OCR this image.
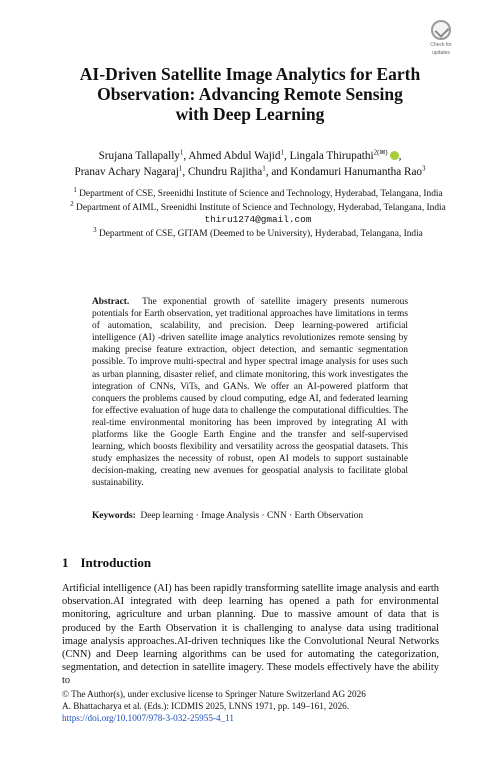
Check for
updates
AI-Driven Satellite Image Analytics for Earth
Observation: Advancing Remote Sensing
with Deep Learning
Srujana Tallapally$^1$, Ahmed Abdul Wajid$^1$, Lingala Thirupathi$^{2(✉)}$ ,
Pranav Achary Nagaraj$^1$, Chundru Rajitha$^1$, and Kondamuri Hanumantha Rao$^3$
$^1$ Department of CSE, Sreenidhi Institute of Science and Technology, Hyderabad, Telangana, India
$^2$ Department of AIML, Sreenidhi Institute of Science and Technology, Hyderabad, Telangana, India
thiru1274@gmail.com
$^3$ Department of CSE, GITAM (Deemed to be University), Hyderabad, Telangana, India
Abstract. The exponential growth of satellite imagery presents numerous potentials for Earth observation, yet traditional approaches have limitations in terms of automation, scalability, and precision. Deep learning-powered artificial intelligence (AI) -driven satellite image analytics revolutionizes remote sensing by making precise feature extraction, object detection, and semantic segmentation possible. To improve multi-spectral and hyper spectral image analysis for uses such as urban planning, disaster relief, and climate monitoring, this work investigates the integration of CNNs, ViTs, and GANs. We offer an AI-powered platform that conquers the problems caused by cloud computing, edge AI, and federated learning for effective evaluation of huge data to challenge the computational difficulties. The real-time environmental monitoring has been improved by integrating AI with platforms like the Google Earth Engine and the transfer and self-supervised learning, which boosts flexibility and versatility across the geospatial datasets. This study emphasizes the necessity of robust, open AI models to support sustainable decision-making, creating new avenues for geospatial analysis to facilitate global sustainability.
Keywords: Deep learning · Image Analysis · CNN · Earth Observation
1 Introduction
Artificial intelligence (AI) has been rapidly transforming satellite image analysis and earth observation.AI integrated with deep learning has opened a path for environmental monitoring, agriculture and urban planning. Due to massive amount of data that is produced by the Earth Observation it is challenging to analyse data using traditional image analysis approaches.AI-driven techniques like the Convolutional Neural Networks (CNN) and Deep learning algorithms can be used for automating the categorization, segmentation, and detection in satellite imagery. These models effectively have the ability to
© The Author(s), under exclusive license to Springer Nature Switzerland AG 2026
A. Bhattacharya et al. (Eds.): ICDMIS 2025, LNNS 1971, pp. 149–161, 2026.
https://doi.org/10.1007/978-3-032-25955-4_11
